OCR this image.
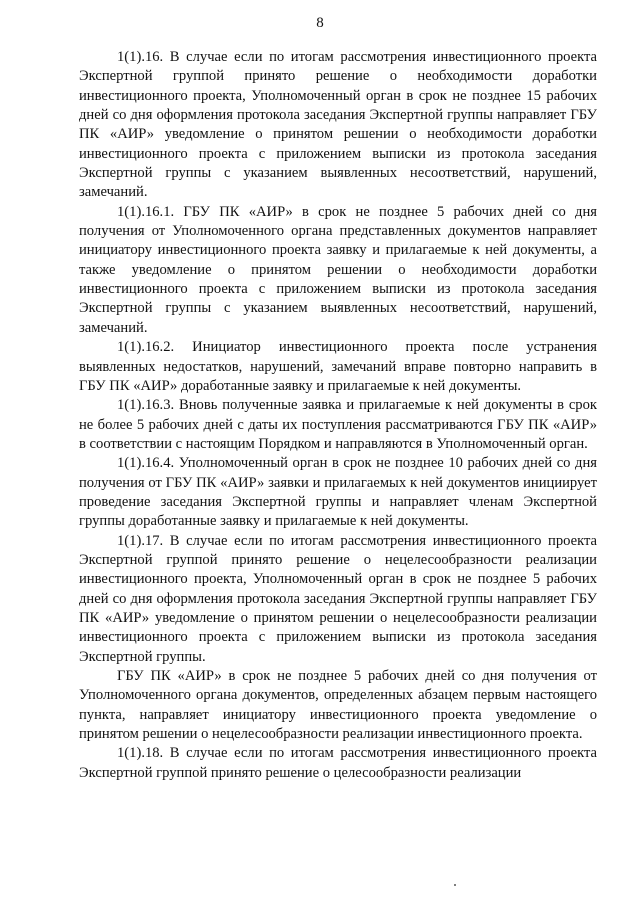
8

1(1).16. В случае если по итогам рассмотрения инвестиционного проекта Экспертной группой принято решение о необходимости доработки инвестиционного проекта, Уполномоченный орган в срок не позднее 15 рабочих дней со дня оформления протокола заседания Экспертной группы направляет ГБУ ПК «АИР» уведомление о принятом решении о необходимости доработки инвестиционного проекта с приложением выписки из протокола заседания Экспертной группы с указанием выявленных несоответствий, нарушений, замечаний.

1(1).16.1. ГБУ ПК «АИР» в срок не позднее 5 рабочих дней со дня получения от Уполномоченного органа представленных документов направляет инициатору инвестиционного проекта заявку и прилагаемые к ней документы, а также уведомление о принятом решении о необходимости доработки инвестиционного проекта с приложением выписки из протокола заседания Экспертной группы с указанием выявленных несоответствий, нарушений, замечаний.

1(1).16.2. Инициатор инвестиционного проекта после устранения выявленных недостатков, нарушений, замечаний вправе повторно направить в ГБУ ПК «АИР» доработанные заявку и прилагаемые к ней документы.

1(1).16.3. Вновь полученные заявка и прилагаемые к ней документы в срок не более 5 рабочих дней с даты их поступления рассматриваются ГБУ ПК «АИР» в соответствии с настоящим Порядком и направляются в Уполномоченный орган.

1(1).16.4. Уполномоченный орган в срок не позднее 10 рабочих дней со дня получения от ГБУ ПК «АИР» заявки и прилагаемых к ней документов инициирует проведение заседания Экспертной группы и направляет членам Экспертной группы доработанные заявку и прилагаемые к ней документы.

1(1).17. В случае если по итогам рассмотрения инвестиционного проекта Экспертной группой принято решение о нецелесообразности реализации инвестиционного проекта, Уполномоченный орган в срок не позднее 5 рабочих дней со дня оформления протокола заседания Экспертной группы направляет ГБУ ПК «АИР» уведомление о принятом решении о нецелесообразности реализации инвестиционного проекта с приложением выписки из протокола заседания Экспертной группы.

ГБУ ПК «АИР» в срок не позднее 5 рабочих дней со дня получения от Уполномоченного органа документов, определенных абзацем первым настоящего пункта, направляет инициатору инвестиционного проекта уведомление о принятом решении о нецелесообразности реализации инвестиционного проекта.

1(1).18. В случае если по итогам рассмотрения инвестиционного проекта Экспертной группой принято решение о целесообразности реализации
